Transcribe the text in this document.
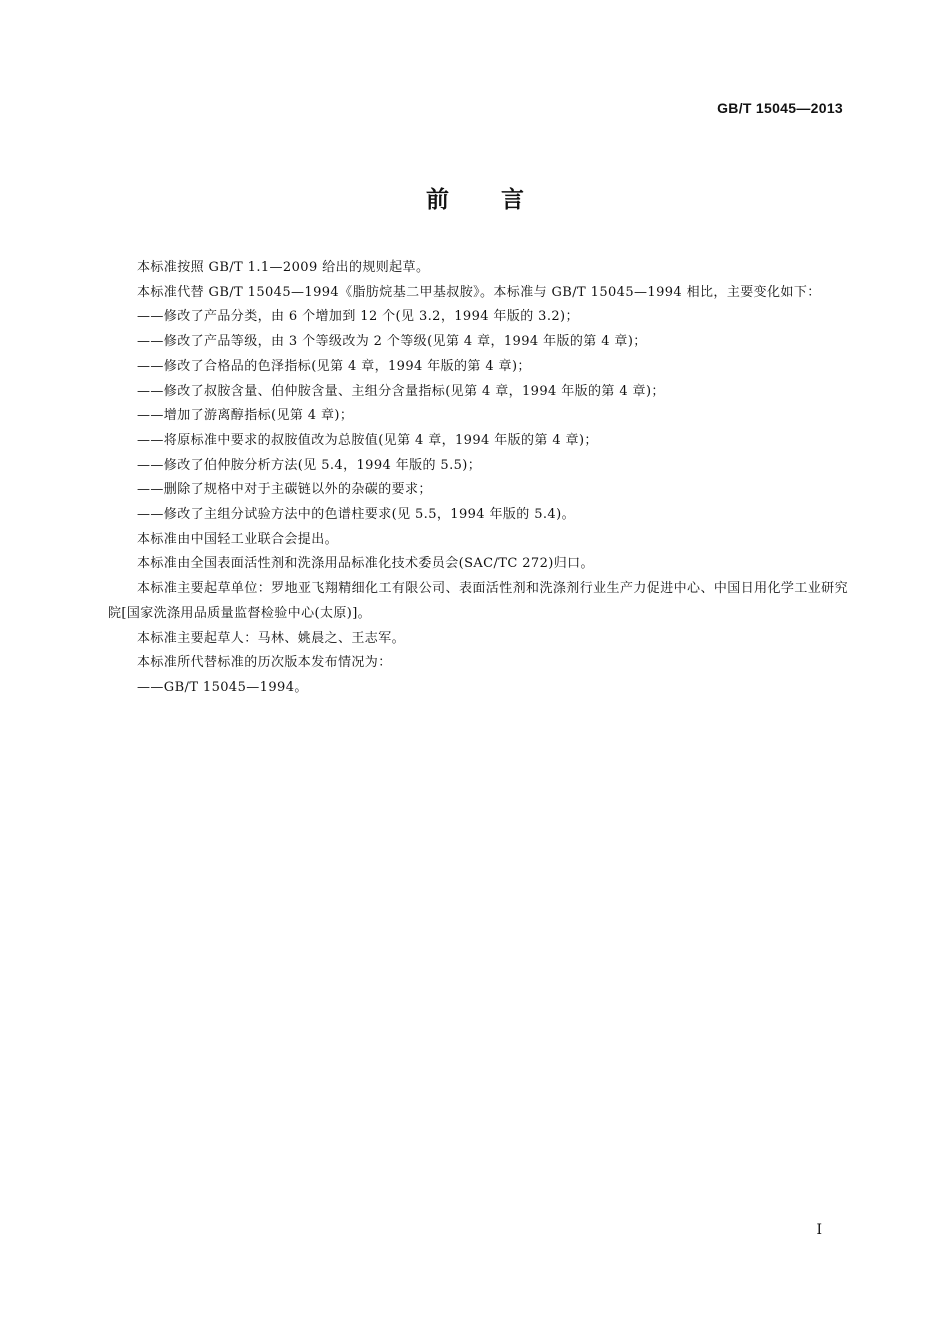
GB/T 15045—2013
前言

本标准按照 GB/T 1.1—2009 给出的规则起草。

本标准代替 GB/T 15045—1994《脂肪烷基二甲基叔胺》。本标准与 GB/T 15045—1994 相比，主要变化如下：

——修改了产品分类，由 6 个增加到 12 个(见 3.2，1994 年版的 3.2)；

——修改了产品等级，由 3 个等级改为 2 个等级(见第 4 章，1994 年版的第 4 章)；

——修改了合格品的色泽指标(见第 4 章，1994 年版的第 4 章)；

——修改了叔胺含量、伯仲胺含量、主组分含量指标(见第 4 章，1994 年版的第 4 章)；

——增加了游离醇指标(见第 4 章)；

——将原标准中要求的叔胺值改为总胺值(见第 4 章，1994 年版的第 4 章)；

——修改了伯仲胺分析方法(见 5.4，1994 年版的 5.5)；

——删除了规格中对于主碳链以外的杂碳的要求；

——修改了主组分试验方法中的色谱柱要求(见 5.5，1994 年版的 5.4)。

本标准由中国轻工业联合会提出。

本标准由全国表面活性剂和洗涤用品标准化技术委员会(SAC/TC 272)归口。

本标准主要起草单位：罗地亚飞翔精细化工有限公司、表面活性剂和洗涤剂行业生产力促进中心、中国日用化学工业研究院[国家洗涤用品质量监督检验中心(太原)]。

本标准主要起草人：马林、姚晨之、王志军。

本标准所代替标准的历次版本发布情况为：

——GB/T 15045—1994。

I
